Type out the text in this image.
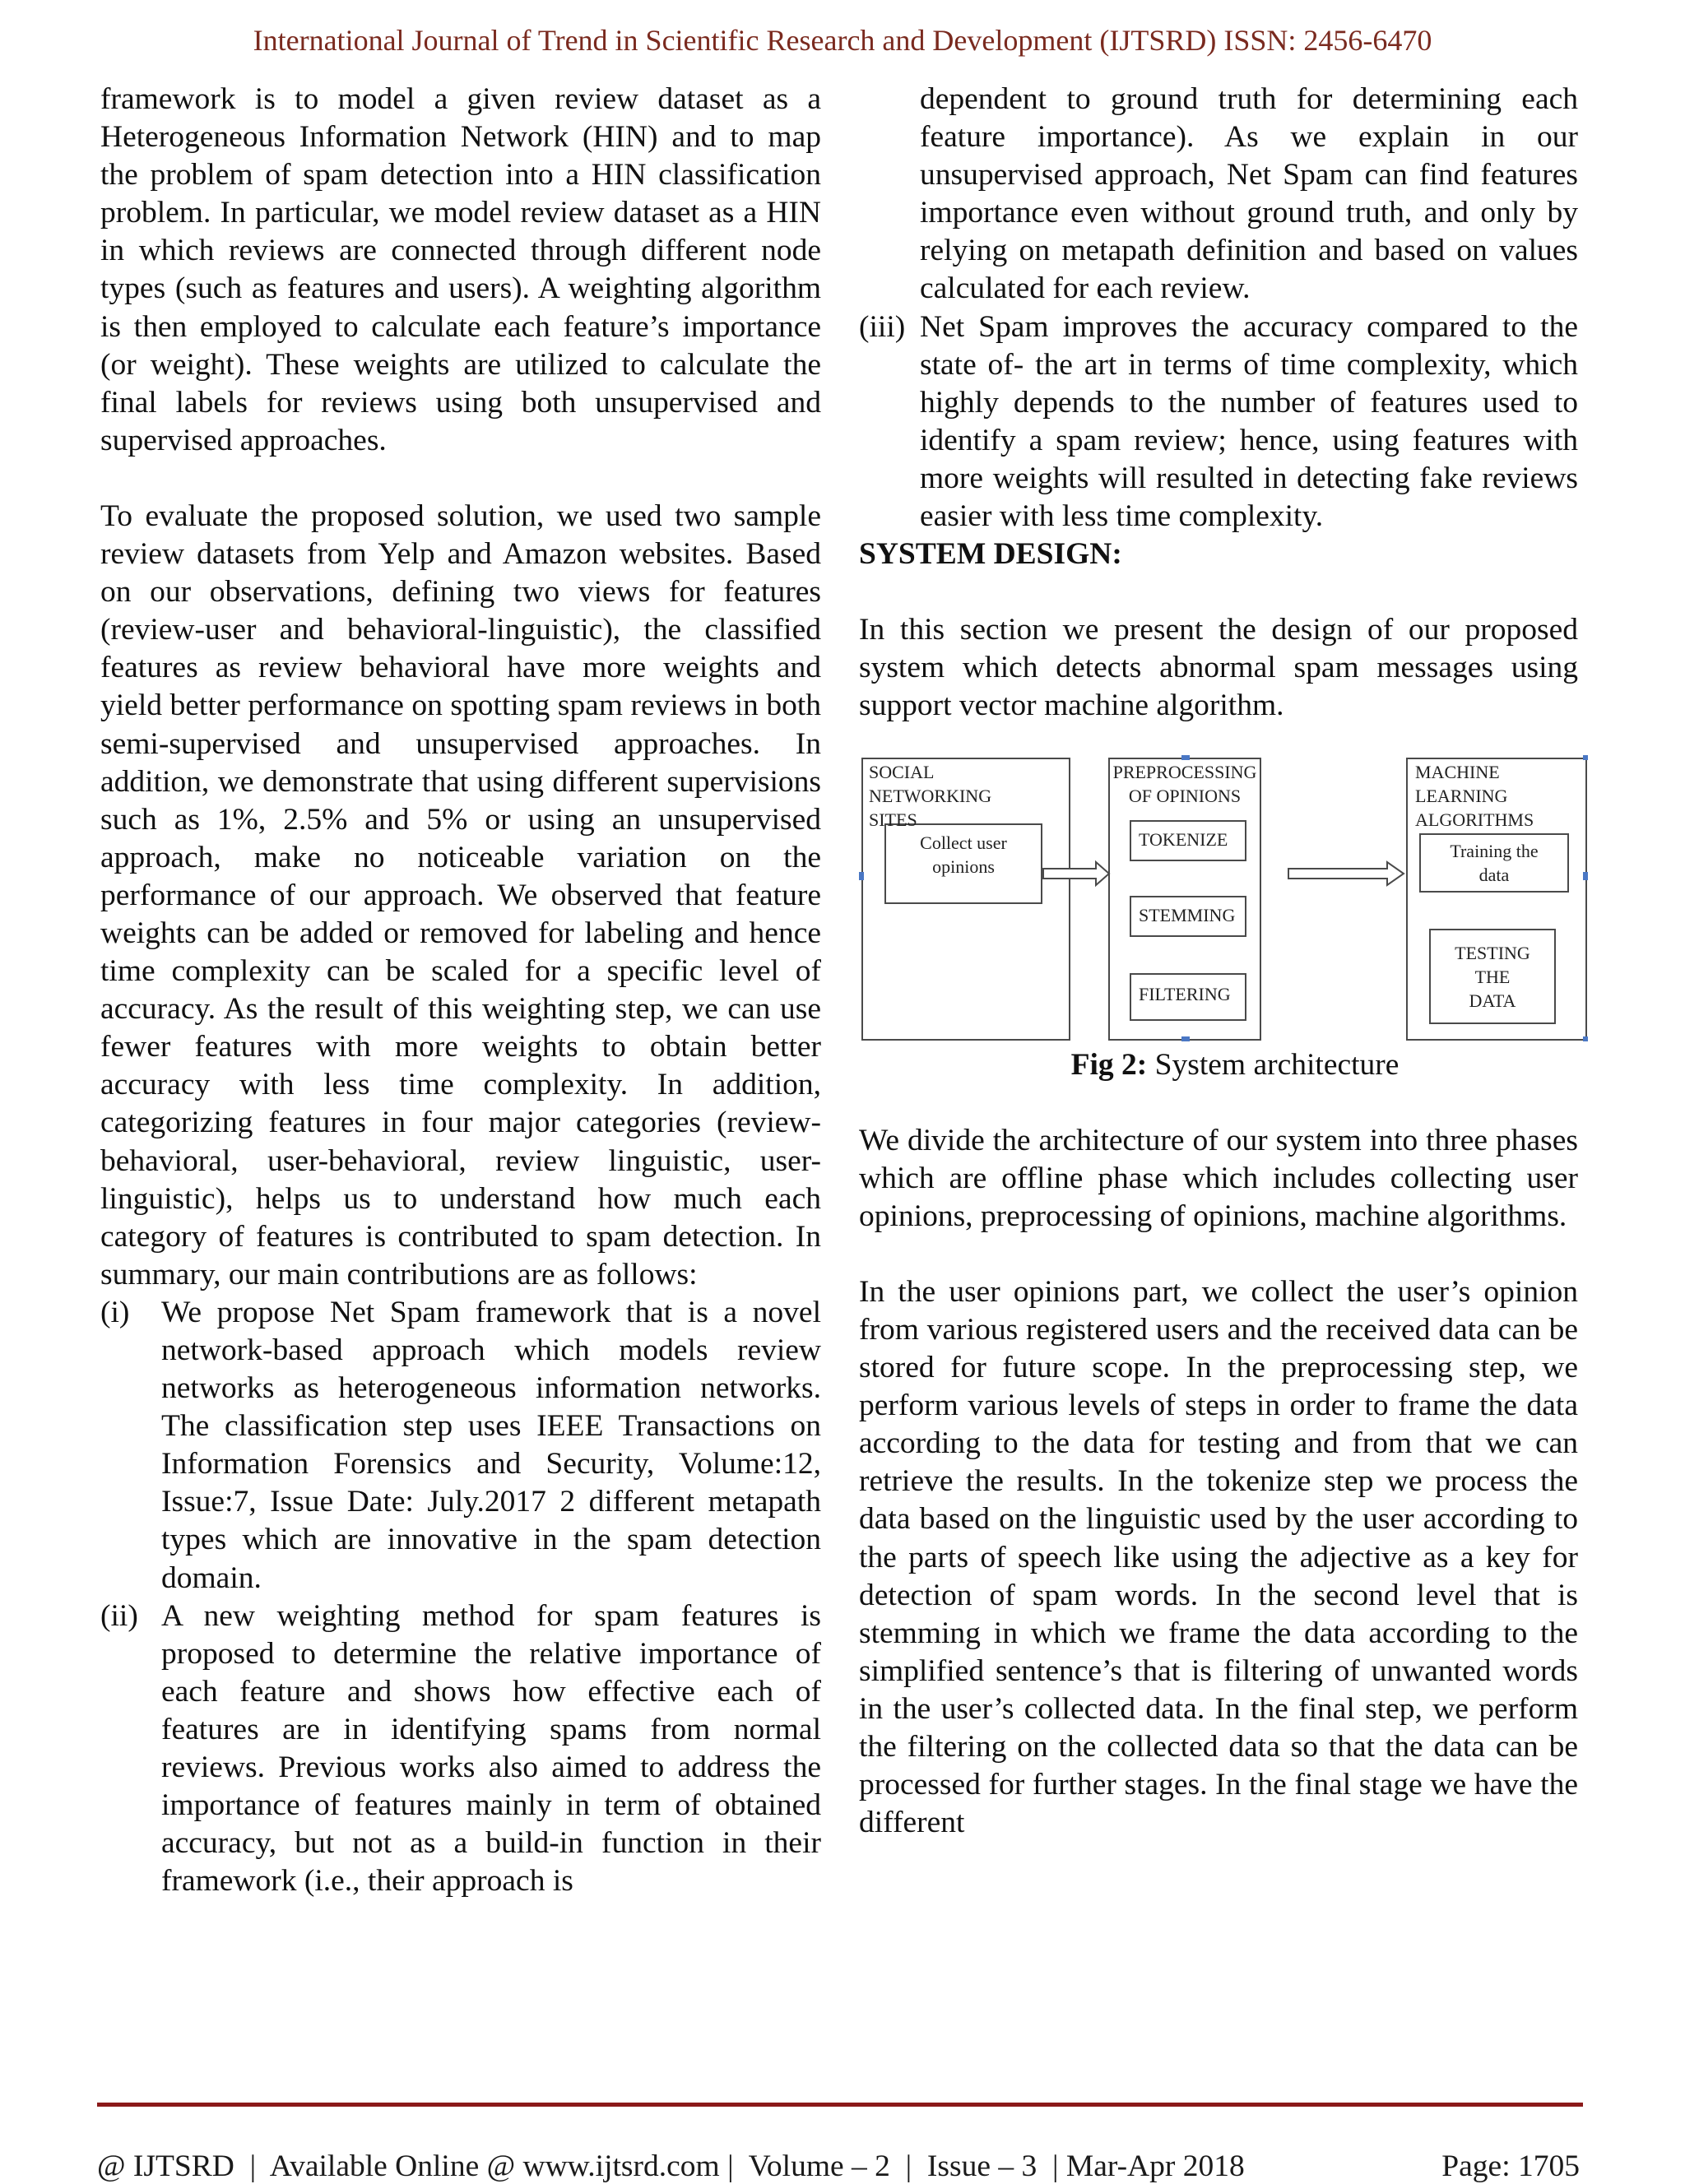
International Journal of Trend in Scientific Research and Development (IJTSRD) ISSN: 2456-6470

framework is to model a given review dataset as a Heterogeneous Information Network (HIN) and to map the problem of spam detection into a HIN classification problem. In particular, we model review dataset as a HIN in which reviews are connected through different node types (such as features and users). A weighting algorithm is then employed to calculate each feature’s importance (or weight). These weights are utilized to calculate the final labels for reviews using both unsupervised and supervised approaches.

To evaluate the proposed solution, we used two sample review datasets from Yelp and Amazon websites. Based on our observations, defining two views for features (review-user and behavioral-linguistic), the classified features as review behavioral have more weights and yield better performance on spotting spam reviews in both semi-supervised and unsupervised approaches. In addition, we demonstrate that using different supervisions such as 1%, 2.5% and 5% or using an unsupervised approach, make no noticeable variation on the performance of our approach. We observed that feature weights can be added or removed for labeling and hence time complexity can be scaled for a specific level of accuracy. As the result of this weighting step, we can use fewer features with more weights to obtain better accuracy with less time complexity. In addition, categorizing features in four major categories (review-behavioral, user-behavioral, review linguistic, user-linguistic), helps us to understand how much each category of features is contributed to spam detection. In summary, our main contributions are as follows:

(i)	We propose Net Spam framework that is a novel network-based approach which models review networks as heterogeneous information networks. The classification step uses IEEE Transactions on Information Forensics and Security, Volume:12, Issue:7, Issue Date: July.2017 2 different metapath types which are innovative in the spam detection domain.

(ii) A new weighting method for spam features is proposed to determine the relative importance of each feature and shows how effective each of features are in identifying spams from normal reviews. Previous works also aimed to address the importance of features mainly in term of obtained accuracy, but not as a build-in function in their framework (i.e., their approach is

dependent to ground truth for determining each feature importance). As we explain in our unsupervised approach, Net Spam can find features importance even without ground truth, and only by relying on metapath definition and based on values calculated for each review.

(iii) Net Spam improves the accuracy compared to the state of- the art in terms of time complexity, which highly depends to the number of features used to identify a spam review; hence, using features with more weights will resulted in detecting fake reviews easier with less time complexity.

SYSTEM DESIGN:

In this section we present the design of our proposed system which detects abnormal spam messages using support vector machine algorithm.

SOCIAL
NETWORKING
SITES

Collect user
opinions

PREPROCESSING
OF OPINIONS

TOKENIZE

STEMMING

FILTERING

MACHINE
LEARNING
ALGORITHMS

Training the
data

TESTING
THE
DATA

Fig 2: System architecture

We divide the architecture of our system into three phases which are offline phase which includes collecting user opinions, preprocessing of opinions, machine algorithms.

In the user opinions part, we collect the user’s opinion from various registered users and the received data can be stored for future scope. In the preprocessing step, we perform various levels of steps in order to frame the data according to the data for testing and from that we can retrieve the results. In the tokenize step we process the data based on the linguistic used by the user according to the parts of speech like using the adjective as a key for detection of spam words. In the second level that is stemming in which we frame the data according to the simplified sentence’s that is filtering of unwanted words in the user’s collected data. In the final step, we perform the filtering on the collected data so that the data can be processed for further stages. In the final stage we have the different

@ IJTSRD  |  Available Online @ www.ijtsrd.com |  Volume – 2  |  Issue – 3  | Mar-Apr 2018	Page: 1705
